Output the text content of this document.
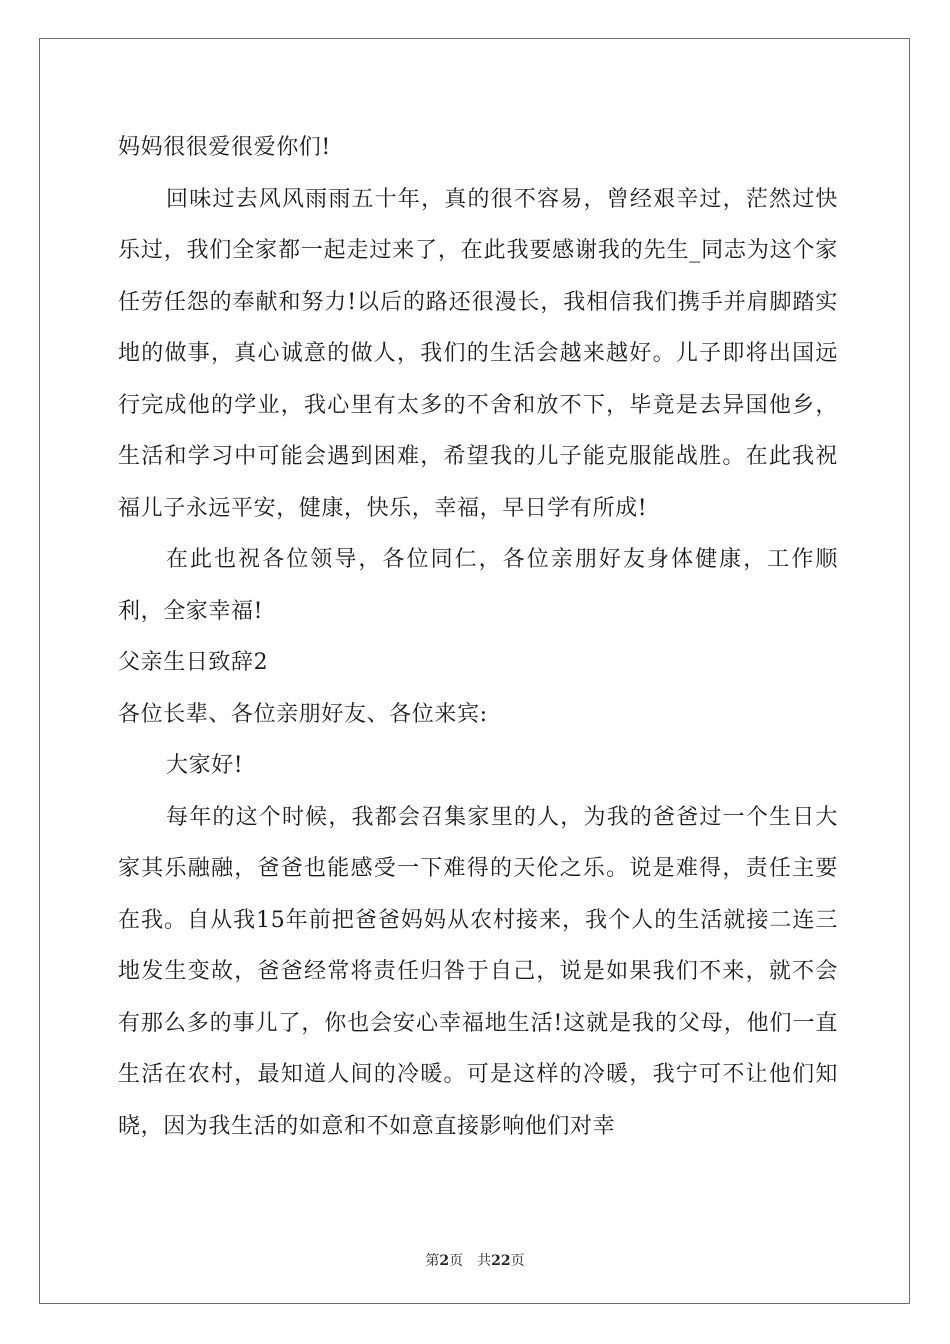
妈妈很很爱很爱你们!

回味过去风风雨雨五十年，真的很不容易，曾经艰辛过，茫然过快乐过，我们全家都一起走过来了，在此我要感谢我的先生_同志为这个家任劳任怨的奉献和努力!以后的路还很漫长，我相信我们携手并肩脚踏实地的做事，真心诚意的做人，我们的生活会越来越好。儿子即将出国远行完成他的学业，我心里有太多的不舍和放不下，毕竟是去异国他乡，生活和学习中可能会遇到困难，希望我的儿子能克服能战胜。在此我祝福儿子永远平安，健康，快乐，幸福，早日学有所成!

在此也祝各位领导，各位同仁，各位亲朋好友身体健康，工作顺利，全家幸福!

父亲生日致辞2

各位长辈、各位亲朋好友、各位来宾:

大家好!

每年的这个时候，我都会召集家里的人，为我的爸爸过一个生日大家其乐融融，爸爸也能感受一下难得的天伦之乐。说是难得，责任主要在我。自从我15年前把爸爸妈妈从农村接来，我个人的生活就接二连三地发生变故，爸爸经常将责任归咎于自己，说是如果我们不来，就不会有那么多的事儿了，你也会安心幸福地生活!这就是我的父母，他们一直生活在农村，最知道人间的冷暖。可是这样的冷暖，我宁可不让他们知晓，因为我生活的如意和不如意直接影响他们对幸

第2页 共22页
